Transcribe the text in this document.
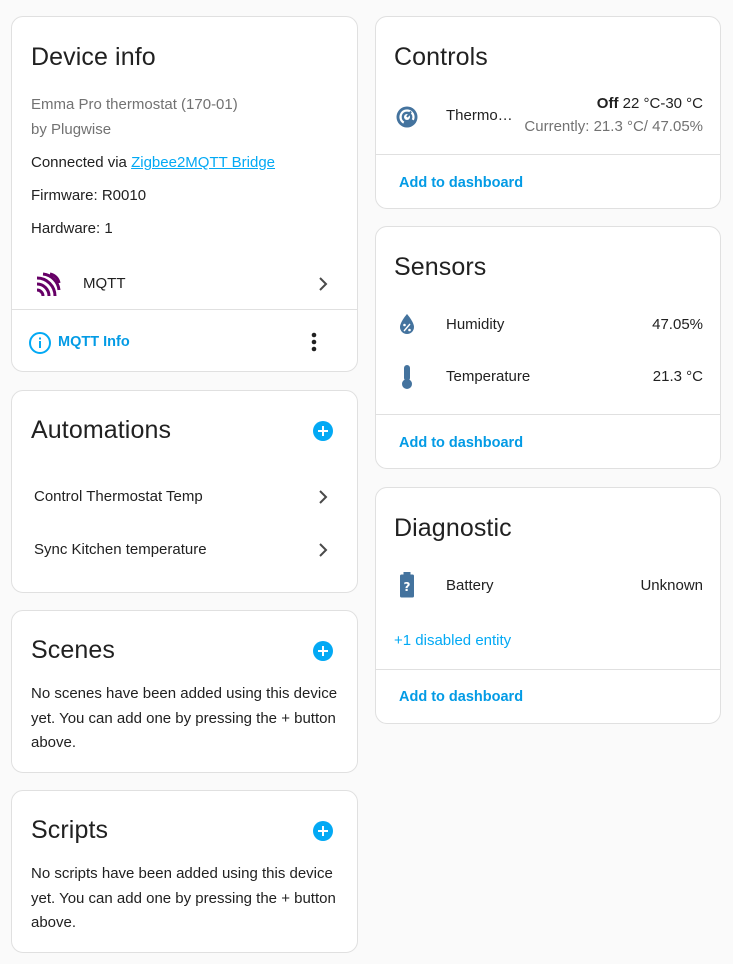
Device info
Emma Pro thermostat (170-01)
by Plugwise
Connected via Zigbee2MQTT Bridge
Firmware: R0010
Hardware: 1
MQTT
MQTT Info
Automations
Control Thermostat Temp
Sync Kitchen temperature
Scenes
No scenes have been added using this device yet. You can add one by pressing the + button above.
Scripts
No scripts have been added using this device yet. You can add one by pressing the + button above.
Controls
Thermo…
Off 22 °C-30 °C
Currently: 21.3 °C/ 47.05%
Add to dashboard
Sensors
Humidity	47.05%
Temperature	21.3 °C
Add to dashboard
Diagnostic
? Battery	Unknown
+1 disabled entity
Add to dashboard
